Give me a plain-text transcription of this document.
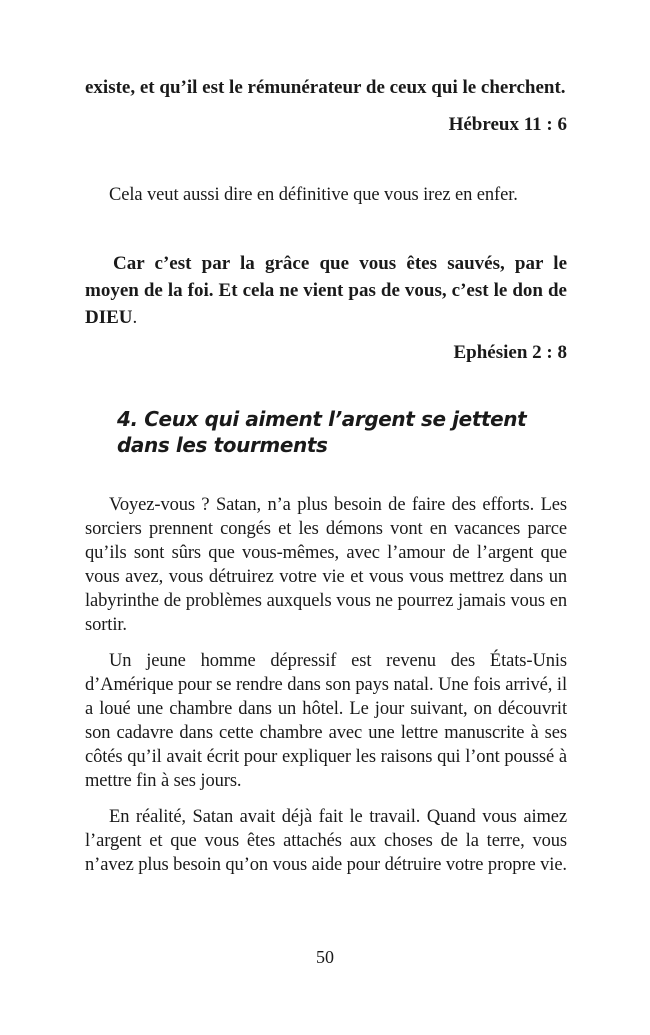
existe, et qu’il est le rémunérateur de ceux qui le cherchent.

Hébreux 11 : 6

Cela veut aussi dire en définitive que vous irez en enfer.

Car c’est par la grâce que vous êtes sauvés, par le moyen de la foi. Et cela ne vient pas de vous, c’est le don de DIEU.

Ephésien 2 : 8

4. Ceux qui aiment l’argent se jettent dans les tourments

Voyez-vous ? Satan, n’a plus besoin de faire des efforts. Les sorciers prennent congés et les démons vont en vacances parce qu’ils sont sûrs que vous-mêmes, avec l’amour de l’argent que vous avez, vous détruirez votre vie et vous vous mettrez dans un labyrinthe de problèmes auxquels vous ne pourrez jamais vous en sortir.

Un jeune homme dépressif est revenu des États-Unis d’Amérique pour se rendre dans son pays natal. Une fois arrivé, il a loué une chambre dans un hôtel. Le jour suivant, on découvrit son cadavre dans cette chambre avec une lettre manuscrite à ses côtés qu’il avait écrit pour expliquer les raisons qui l’ont poussé à mettre fin à ses jours.

En réalité, Satan avait déjà fait le travail. Quand vous aimez l’argent et que vous êtes attachés aux choses de la terre, vous n’avez plus besoin qu’on vous aide pour détruire votre propre vie.

50
